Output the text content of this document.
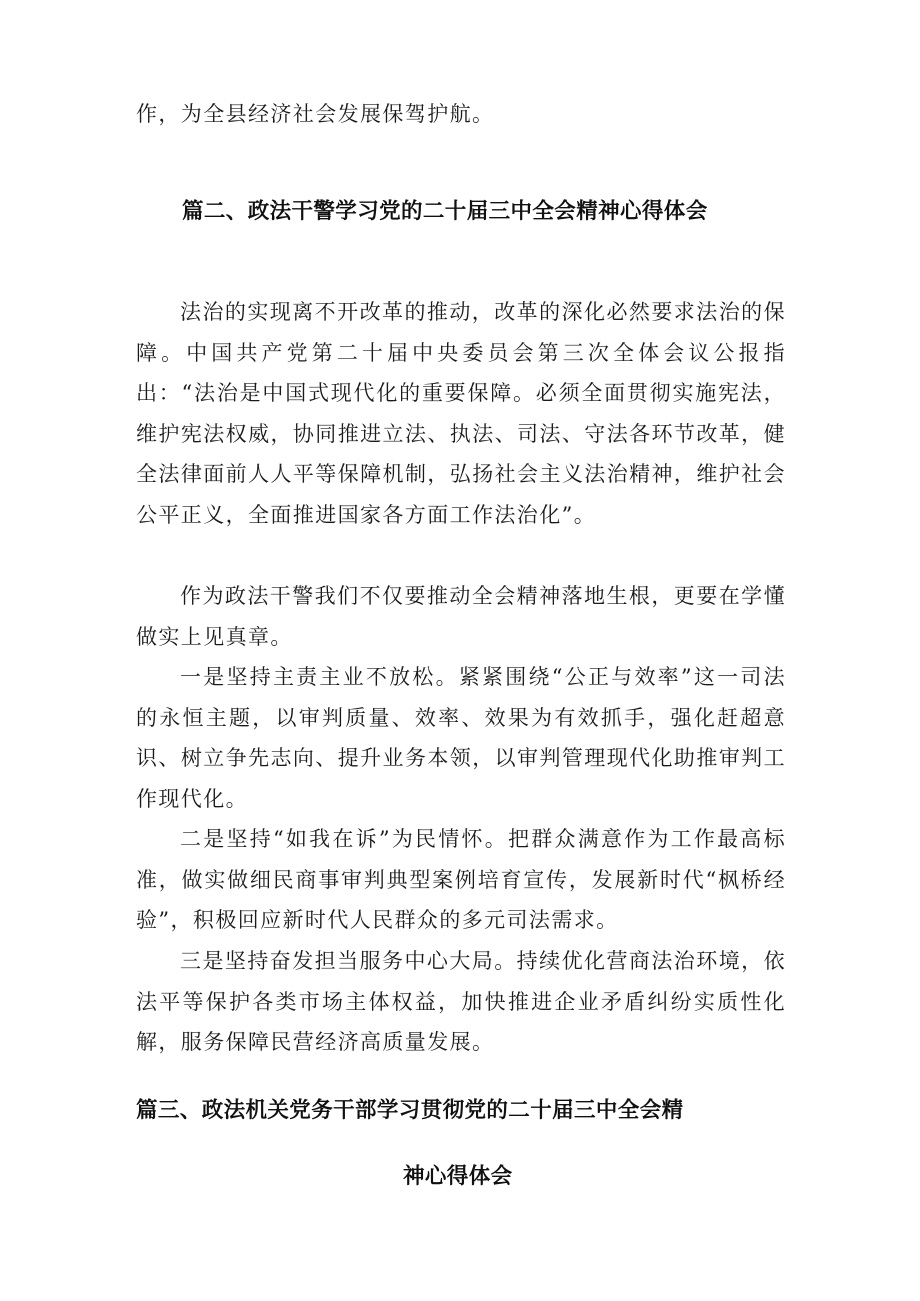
作，为全县经济社会发展保驾护航。

篇二、政法干警学习党的二十届三中全会精神心得体会

法治的实现离不开改革的推动，改革的深化必然要求法治的保障。中国共产党第二十届中央委员会第三次全体会议公报指出：“法治是中国式现代化的重要保障。必须全面贯彻实施宪法，维护宪法权威，协同推进立法、执法、司法、守法各环节改革，健全法律面前人人平等保障机制，弘扬社会主义法治精神，维护社会公平正义，全面推进国家各方面工作法治化”。

作为政法干警我们不仅要推动全会精神落地生根，更要在学懂做实上见真章。

一是坚持主责主业不放松。紧紧围绕“公正与效率”这一司法的永恒主题，以审判质量、效率、效果为有效抓手，强化赶超意识、树立争先志向、提升业务本领，以审判管理现代化助推审判工作现代化。

二是坚持“如我在诉”为民情怀。把群众满意作为工作最高标准，做实做细民商事审判典型案例培育宣传，发展新时代“枫桥经验”，积极回应新时代人民群众的多元司法需求。

三是坚持奋发担当服务中心大局。持续优化营商法治环境，依法平等保护各类市场主体权益，加快推进企业矛盾纠纷实质性化解，服务保障民营经济高质量发展。

篇三、政法机关党务干部学习贯彻党的二十届三中全会精
神心得体会
